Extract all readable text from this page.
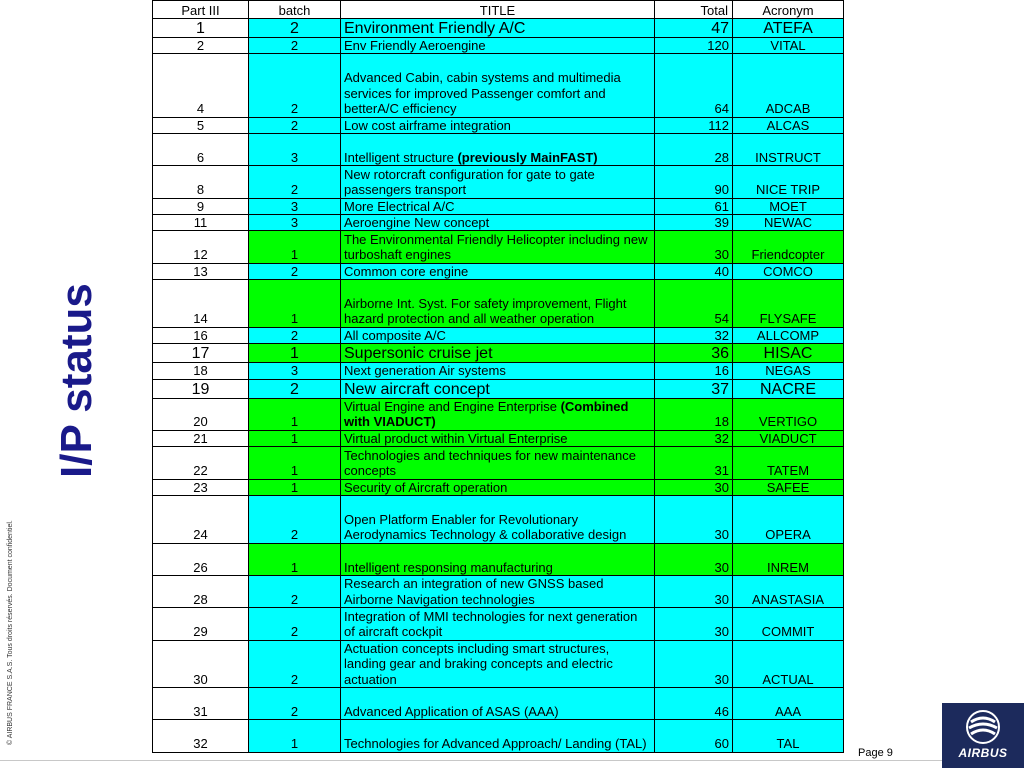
I/P status
© AIRBUS FRANCE S.A.S. Tous droits réservés. Document confidentiel.
Part III	batch	TITLE	Total	Acronym
1	2	Environment Friendly A/C	47	ATEFA
2	2	Env Friendly Aeroengine	120	VITAL
4	2	Advanced Cabin, cabin systems and multimedia services for improved Passenger comfort and betterA/C efficiency	64	ADCAB
5	2	Low cost airframe integration	112	ALCAS
6	3	Intelligent structure (previously MainFAST)	28	INSTRUCT
8	2	New rotorcraft configuration for gate to gate passengers transport	90	NICE TRIP
9	3	More Electrical A/C	61	MOET
11	3	Aeroengine New concept	39	NEWAC
12	1	The Environmental Friendly Helicopter including new turboshaft engines	30	Friendcopter
13	2	Common core engine	40	COMCO
14	1	Airborne Int. Syst. For safety improvement, Flight hazard protection and all weather operation	54	FLYSAFE
16	2	All composite A/C	32	ALLCOMP
17	1	Supersonic cruise jet	36	HISAC
18	3	Next generation Air systems	16	NEGAS
19	2	New aircraft concept	37	NACRE
20	1	Virtual Engine and Engine Enterprise (Combined with VIADUCT)	18	VERTIGO
21	1	Virtual product within Virtual Enterprise	32	VIADUCT
22	1	Technologies and techniques for new maintenance concepts	31	TATEM
23	1	Security of Aircraft operation	30	SAFEE
24	2	Open Platform Enabler for Revolutionary Aerodynamics Technology & collaborative design	30	OPERA
26	1	Intelligent responsing manufacturing	30	INREM
28	2	Research an integration of new GNSS based Airborne Navigation technologies	30	ANASTASIA
29	2	Integration of MMI technologies for next generation of aircraft cockpit	30	COMMIT
30	2	Actuation concepts including smart structures, landing gear and braking concepts and electric actuation	30	ACTUAL
31	2	Advanced Application of ASAS (AAA)	46	AAA
32	1	Technologies for Advanced Approach/ Landing (TAL)	60	TAL
Page 9	AIRBUS
